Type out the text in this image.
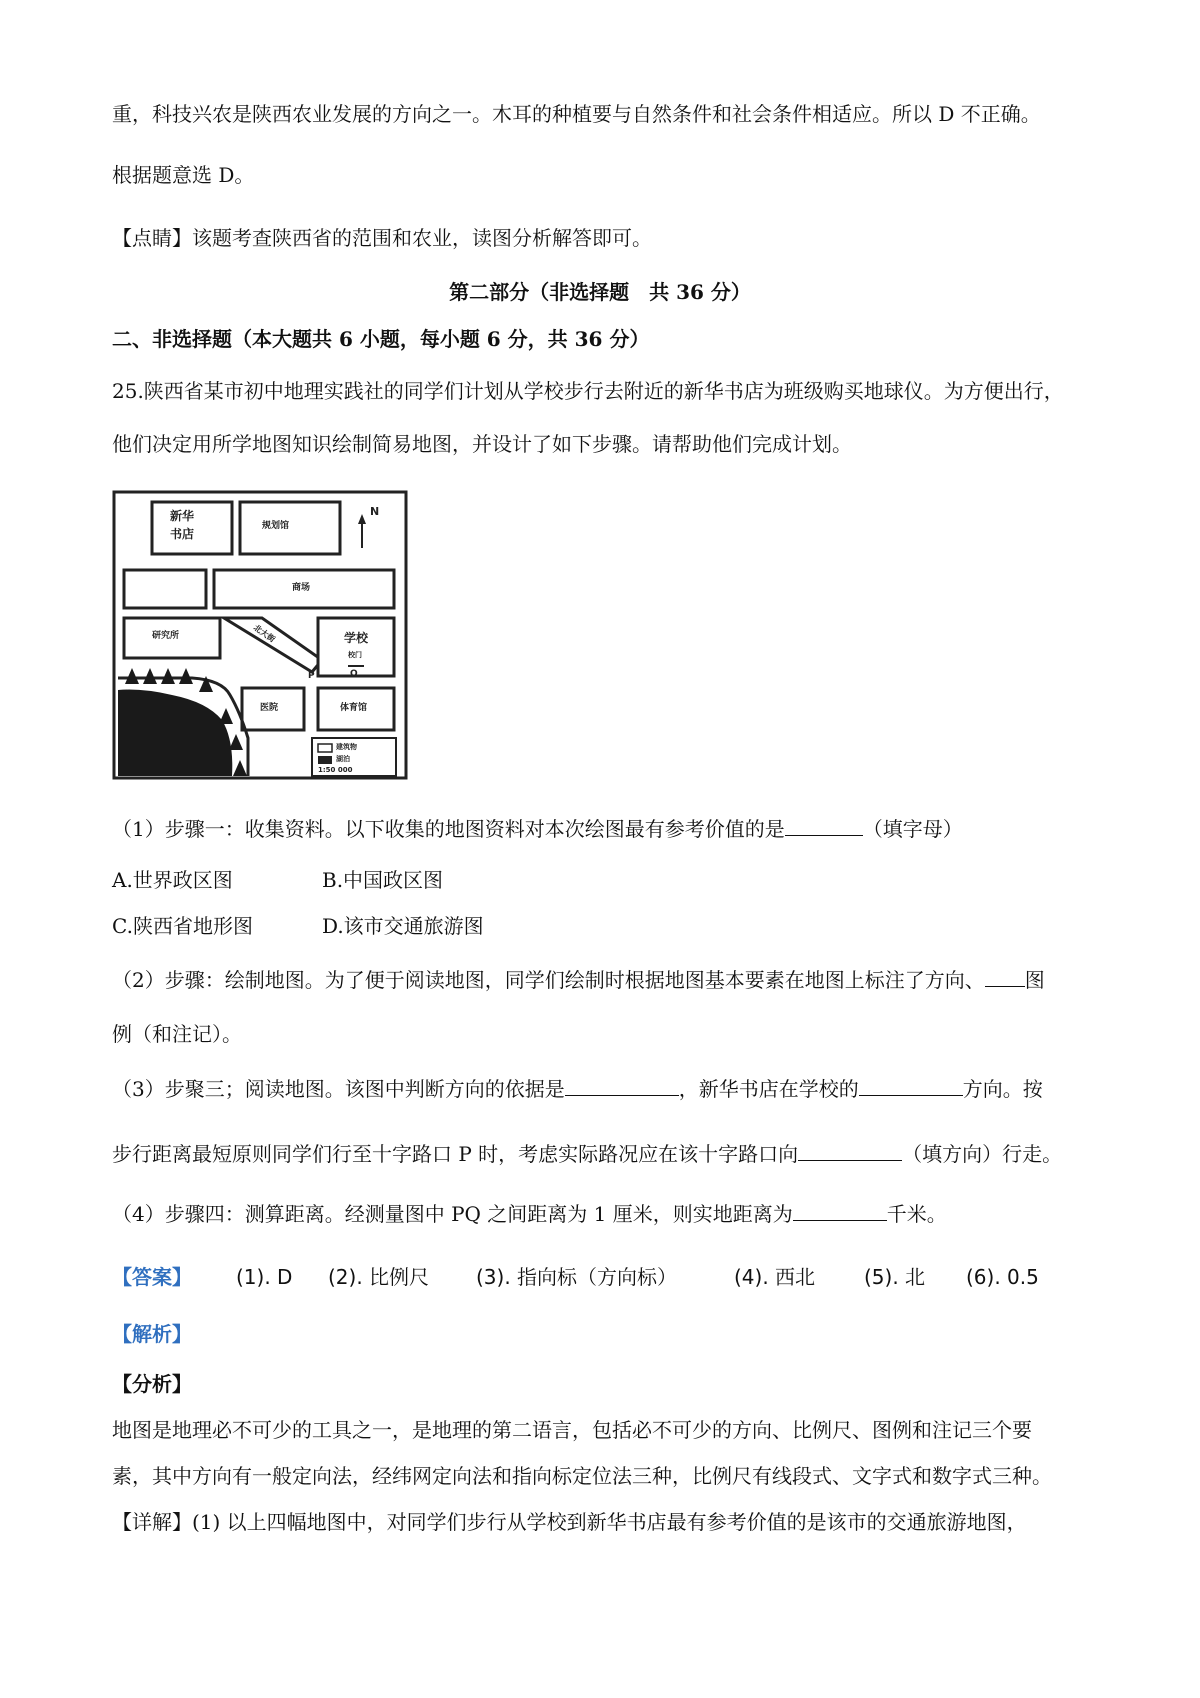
重，科技兴农是陕西农业发展的方向之一。木耳的种植要与自然条件和社会条件相适应。所以 D 不正确。
根据题意选 D。
【点睛】该题考查陕西省的范围和农业，读图分析解答即可。
第二部分（非选择题　共 36 分）
二、非选择题（本大题共 6 小题，每小题 6 分，共 36 分）
25.陕西省某市初中地理实践社的同学们计划从学校步行去附近的新华书店为班级购买地球仪。为方便出行，
他们决定用所学地图知识绘制简易地图，并设计了如下步骤。请帮助他们完成计划。
新华
书店
规划馆
商场
研究所	北大街	学校
校门
P	Q
医院	体育馆
N
建筑物
湖泊
1:50 000
（1）步骤一：收集资料。以下收集的地图资料对本次绘图最有参考价值的是	（填字母）
A.世界政区图	B.中国政区图
C.陕西省地形图	D.该市交通旅游图
（2）步骤：绘制地图。为了便于阅读地图，同学们绘制时根据地图基本要素在地图上标注了方向、 图
例（和注记）。
（3）步聚三；阅读地图。该图中判断方向的依据是	，新华书店在学校的	方向。按
步行距离最短原则同学们行至十字路口 P 时，考虑实际路况应在该十字路口向	（填方向）行走。
（4）步骤四：测算距离。经测量图中 PQ 之间距离为 1 厘米，则实地距离为	千米。
【答案】 (1). D (2). 比例尺 (3). 指向标（方向标）	(4). 西北 (5). 北 (6). 0.5
【解析】
【分析】
地图是地理必不可少的工具之一，是地理的第二语言，包括必不可少的方向、比例尺、图例和注记三个要
素，其中方向有一般定向法，经纬网定向法和指向标定位法三种，比例尺有线段式、文字式和数字式三种。
【详解】(1) 以上四幅地图中，对同学们步行从学校到新华书店最有参考价值的是该市的交通旅游地图，
